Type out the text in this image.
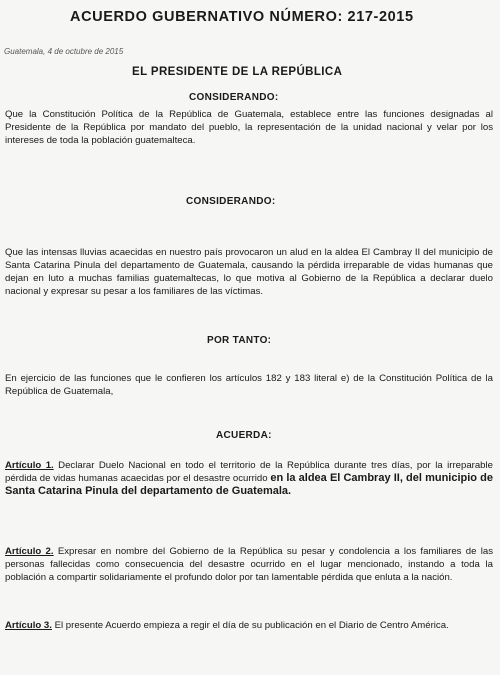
ACUERDO GUBERNATIVO NÚMERO: 217-2015
Guatemala, 4 de octubre de 2015
EL PRESIDENTE DE LA REPÚBLICA
CONSIDERANDO:
Que la Constitución Política de la República de Guatemala, establece entre las funciones designadas al Presidente de la República por mandato del pueblo, la representación de la unidad nacional y velar por los intereses de toda la población guatemalteca.
CONSIDERANDO:
Que las intensas lluvias acaecidas en nuestro país provocaron un alud en la aldea El Cambray II del municipio de Santa Catarina Pinula del departamento de Guatemala, causando la pérdida irreparable de vidas humanas que dejan en luto a muchas familias guatemaltecas, lo que motiva al Gobierno de la República a declarar duelo nacional y expresar su pesar a los familiares de las víctimas.
POR TANTO:
En ejercicio de las funciones que le confieren los artículos 182 y 183 literal e) de la Constitución Política de la República de Guatemala,
ACUERDA:
Artículo 1. Declarar Duelo Nacional en todo el territorio de la República durante tres días, por la irreparable pérdida de vidas humanas acaecidas por el desastre ocurrido en la aldea El Cambray II, del municipio de Santa Catarina Pinula del departamento de Guatemala.
Artículo 2. Expresar en nombre del Gobierno de la República su pesar y condolencia a los familiares de las personas fallecidas como consecuencia del desastre ocurrido en el lugar mencionado, instando a toda la población a compartir solidariamente el profundo dolor por tan lamentable pérdida que enluta a la nación.
Artículo 3. El presente Acuerdo empieza a regir el día de su publicación en el Diario de Centro América.
